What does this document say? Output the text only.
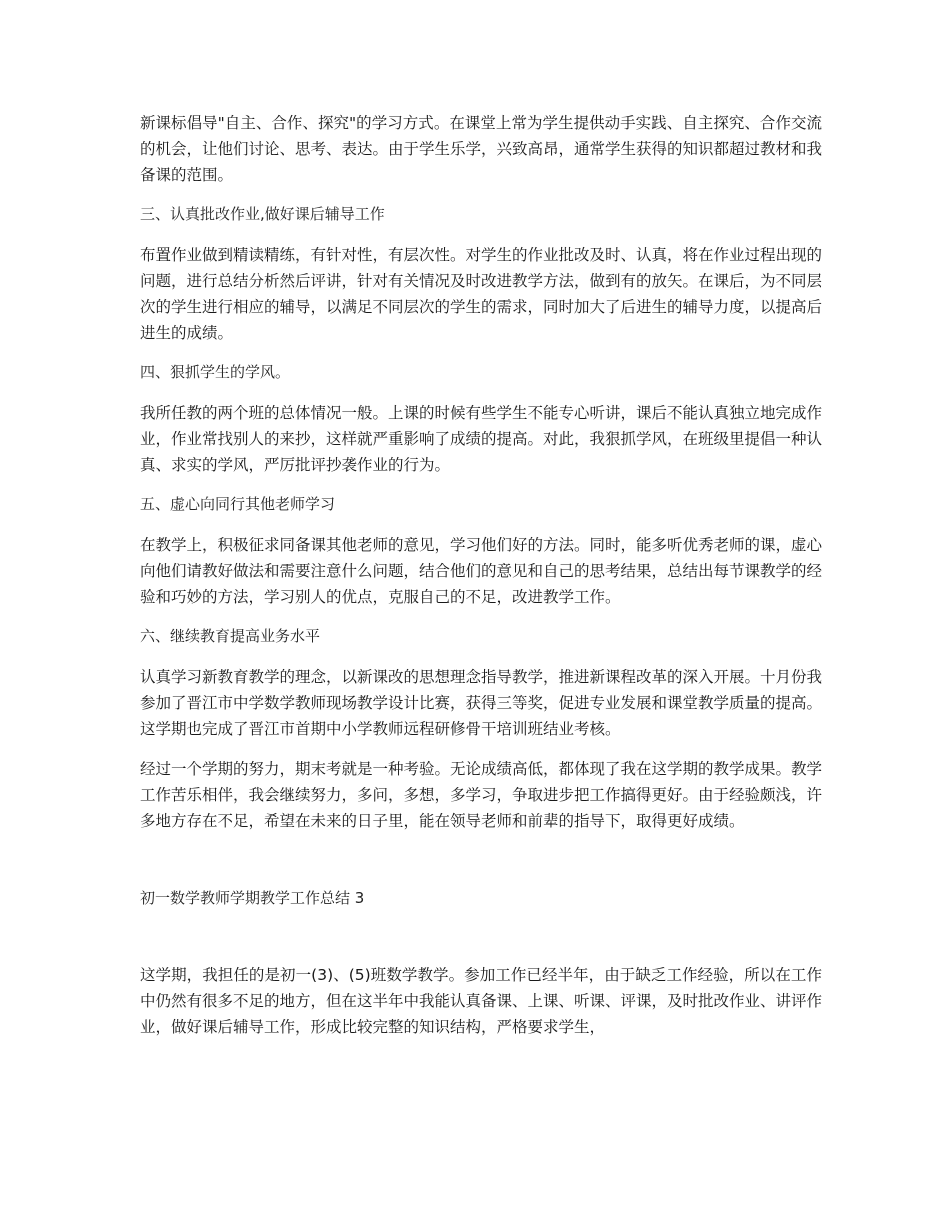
新课标倡导"自主、合作、探究"的学习方式。在课堂上常为学生提供动手实践、自主探究、合作交流的机会，让他们讨论、思考、表达。由于学生乐学，兴致高昂，通常学生获得的知识都超过教材和我备课的范围。

三、认真批改作业,做好课后辅导工作

布置作业做到精读精练，有针对性，有层次性。对学生的作业批改及时、认真，将在作业过程出现的问题，进行总结分析然后评讲，针对有关情况及时改进教学方法，做到有的放矢。在课后，为不同层次的学生进行相应的辅导，以满足不同层次的学生的需求，同时加大了后进生的辅导力度，以提高后进生的成绩。

四、狠抓学生的学风。

我所任教的两个班的总体情况一般。上课的时候有些学生不能专心听讲，课后不能认真独立地完成作业，作业常找别人的来抄，这样就严重影响了成绩的提高。对此，我狠抓学风，在班级里提倡一种认真、求实的学风，严厉批评抄袭作业的行为。

五、虚心向同行其他老师学习

在教学上，积极征求同备课其他老师的意见，学习他们好的方法。同时，能多听优秀老师的课，虚心向他们请教好做法和需要注意什么问题，结合他们的意见和自己的思考结果，总结出每节课教学的经验和巧妙的方法，学习别人的优点，克服自己的不足，改进教学工作。

六、继续教育提高业务水平

认真学习新教育教学的理念，以新课改的思想理念指导教学，推进新课程改革的深入开展。十月份我参加了晋江市中学数学教师现场教学设计比赛，获得三等奖，促进专业发展和课堂教学质量的提高。这学期也完成了晋江市首期中小学教师远程研修骨干培训班结业考核。

经过一个学期的努力，期末考就是一种考验。无论成绩高低，都体现了我在这学期的教学成果。教学工作苦乐相伴，我会继续努力，多问，多想，多学习，争取进步把工作搞得更好。由于经验颇浅，许多地方存在不足，希望在未来的日子里，能在领导老师和前辈的指导下，取得更好成绩。

初一数学教师学期教学工作总结 3

这学期，我担任的是初一(3)、(5)班数学教学。参加工作已经半年，由于缺乏工作经验，所以在工作中仍然有很多不足的地方，但在这半年中我能认真备课、上课、听课、评课，及时批改作业、讲评作业，做好课后辅导工作，形成比较完整的知识结构，严格要求学生，
